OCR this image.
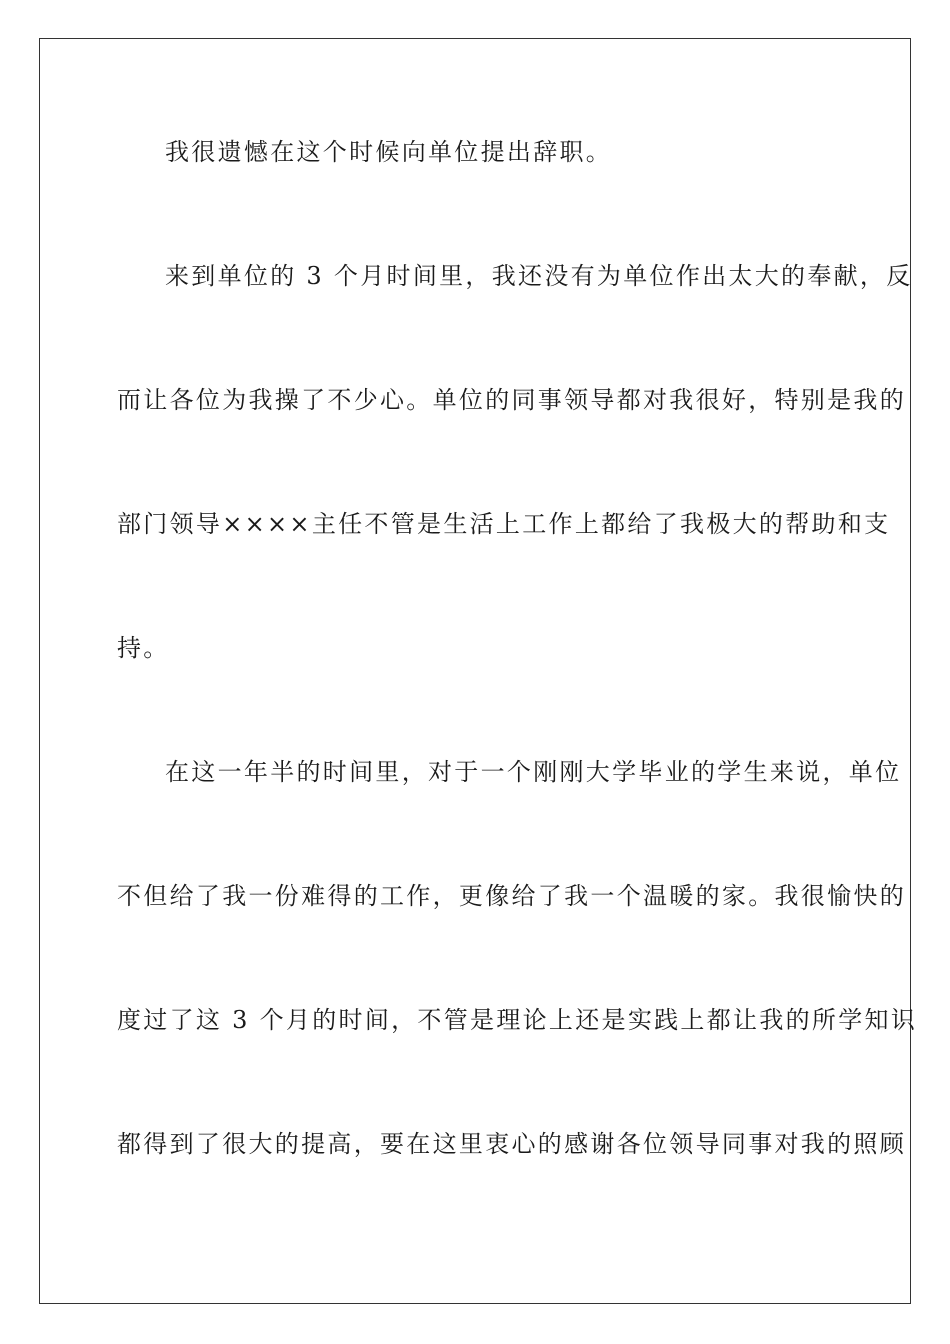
我很遗憾在这个时候向单位提出辞职。
来到单位的 3 个月时间里，我还没有为单位作出太大的奉献，反
而让各位为我操了不少心。单位的同事领导都对我很好，特别是我的
部门领导××××主任不管是生活上工作上都给了我极大的帮助和支
持。
在这一年半的时间里，对于一个刚刚大学毕业的学生来说，单位
不但给了我一份难得的工作，更像给了我一个温暖的家。我很愉快的
度过了这 3 个月的时间，不管是理论上还是实践上都让我的所学知识
都得到了很大的提高，要在这里衷心的感谢各位领导同事对我的照顾
